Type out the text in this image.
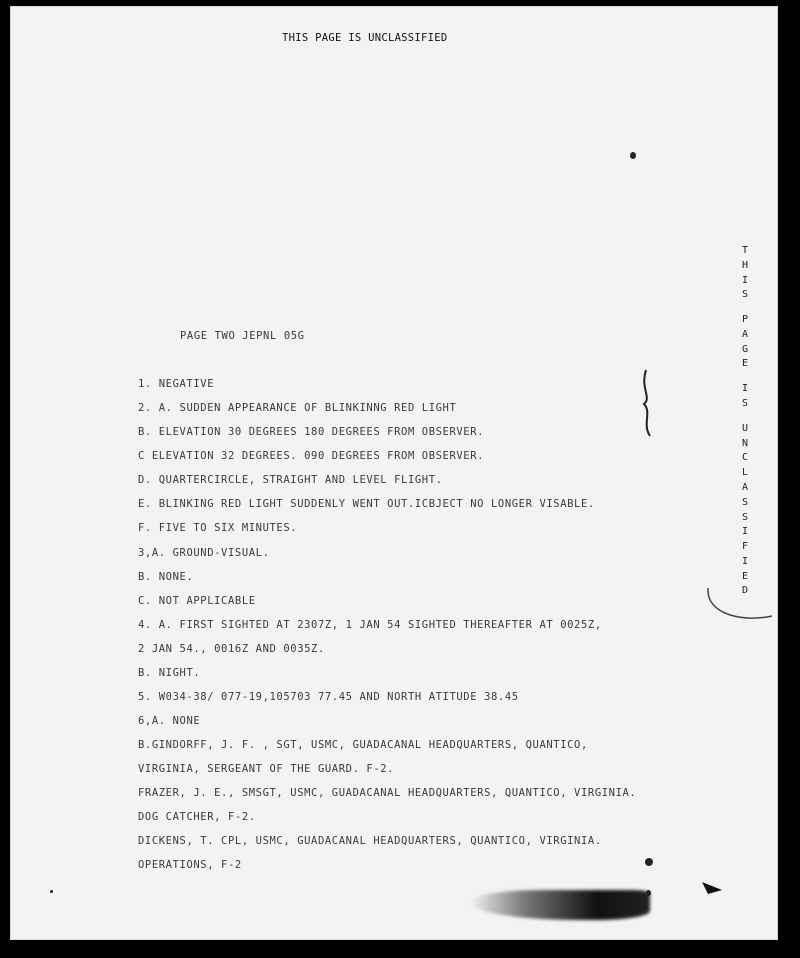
THIS PAGE IS UNCLASSIFIED
T
H
I
S

P
A
G
E

I
S

U
N
C
L
A
S
S
I
F
I
E
D
PAGE TWO JEPNL 05G
1. NEGATIVE
2. A. SUDDEN APPEARANCE OF BLINKINNG RED LIGHT
B. ELEVATION 30 DEGREES 180 DEGREES FROM OBSERVER.
C ELEVATION 32 DEGREES. 090 DEGREES FROM OBSERVER.
D. QUARTERCIRCLE, STRAIGHT AND LEVEL FLIGHT.
E. BLINKING RED LIGHT SUDDENLY WENT OUT.ICBJECT NO LONGER VISABLE.
F. FIVE TO SIX MINUTES.
3,A. GROUND-VISUAL.
B. NONE.
C. NOT APPLICABLE
4. A. FIRST SIGHTED AT 2307Z, 1 JAN 54 SIGHTED THEREAFTER AT 0025Z,
2 JAN 54., 0016Z AND 0035Z.
B. NIGHT.
5. W034-38/ 077-19,105703 77.45 AND NORTH ATITUDE 38.45
6,A. NONE
B.GINDORFF, J. F. , SGT, USMC, GUADACANAL HEADQUARTERS, QUANTICO,
VIRGINIA, SERGEANT OF THE GUARD. F-2.
FRAZER, J. E., SMSGT, USMC, GUADACANAL HEADQUARTERS, QUANTICO, VIRGINIA.
DOG CATCHER, F-2.
DICKENS, T. CPL, USMC, GUADACANAL HEADQUARTERS, QUANTICO, VIRGINIA.
OPERATIONS, F-2
